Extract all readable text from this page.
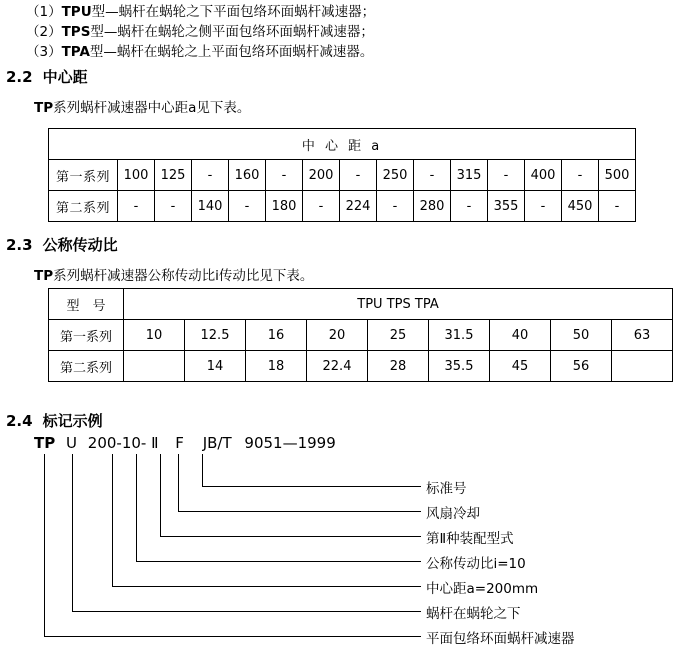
（1）TPU型—蜗杆在蜗轮之下平面包络环面蜗杆减速器；
（2）TPS型—蜗杆在蜗轮之侧平面包络环面蜗杆减速器；
（3）TPA型—蜗杆在蜗轮之上平面包络环面蜗杆减速器。
2.2 中心距
TP系列蜗杆减速器中心距a见下表。
中 心 距 a														
第一系列	100	125	-	160	-	200	-	250	-	315	-	400	-	500
第二系列	-	-	140	-	180	-	224	-	280	-	355	-	450	-
2.3 公称传动比
TP系列蜗杆减速器公称传动比i传动比见下表。
型　号	TPU TPS TPA								
第一系列	10	12.5	16	20	25	31.5	40	50	63
第二系列		14	18	22.4	28	35.5	45	56	
2.4 标记示例
TP U 200-10- Ⅱ F JB/T 9051—1999
标准号
风扇冷却
第Ⅱ种装配型式
公称传动比i=10
中心距a=200mm
蜗杆在蜗轮之下
平面包络环面蜗杆减速器
